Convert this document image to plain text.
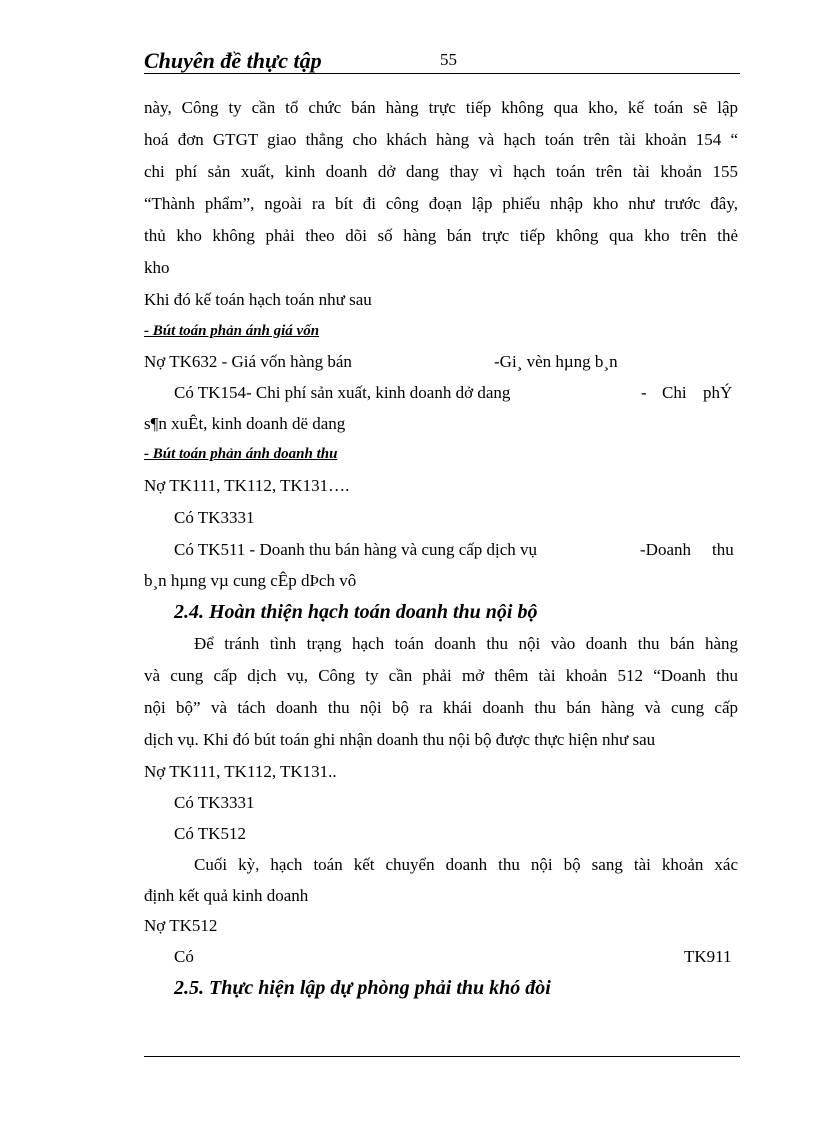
Chuyên đề thực tập	55
này, Công ty cần tổ chức bán hàng trực tiếp không qua kho, kế toán sẽ lập
hoá đơn GTGT giao thẳng cho khách hàng và hạch toán trên tài khoản 154 “
chi phí sản xuất, kinh doanh dở dang thay vì hạch toán trên tài khoản 155
“Thành phẩm”, ngoài ra bít đi công đoạn lập phiếu nhập kho như trước đây,
thủ kho không phải theo dõi số hàng bán trực tiếp không qua kho trên thẻ
kho
Khi đó kế toán hạch toán như sau
- Bút toán phản ánh giá vốn
Nợ TK632 - Giá vốn hàng bán	-Gi¸ vèn hµng b¸n
Có TK154- Chi phí sản xuất, kinh doanh dở dang	- Chi phÝ
s¶n xuÊt, kinh doanh dë dang
- Bút toán phản ánh doanh thu
Nợ TK111, TK112, TK131….
Có TK3331
Có TK511 - Doanh thu bán hàng và cung cấp dịch vụ	-Doanh thu
b¸n hµng vµ cung cÊp dÞch vô
2.4. Hoàn thiện hạch toán doanh thu nội bộ
Để tránh tình trạng hạch toán doanh thu nội vào doanh thu bán hàng
và cung cấp dịch vụ, Công ty cần phải mở thêm tài khoản 512 “Doanh thu
nội bộ” và tách doanh thu nội bộ ra khái doanh thu bán hàng và cung cấp
dịch vụ. Khi đó bút toán ghi nhận doanh thu nội bộ được thực hiện như sau
Nợ TK111, TK112, TK131..
Có TK3331
Có TK512
Cuối kỳ, hạch toán kết chuyển doanh thu nội bộ sang tài khoản xác
định kết quả kinh doanh
Nợ TK512
Có	TK911
2.5. Thực hiện lập dự phòng phải thu khó đòi
